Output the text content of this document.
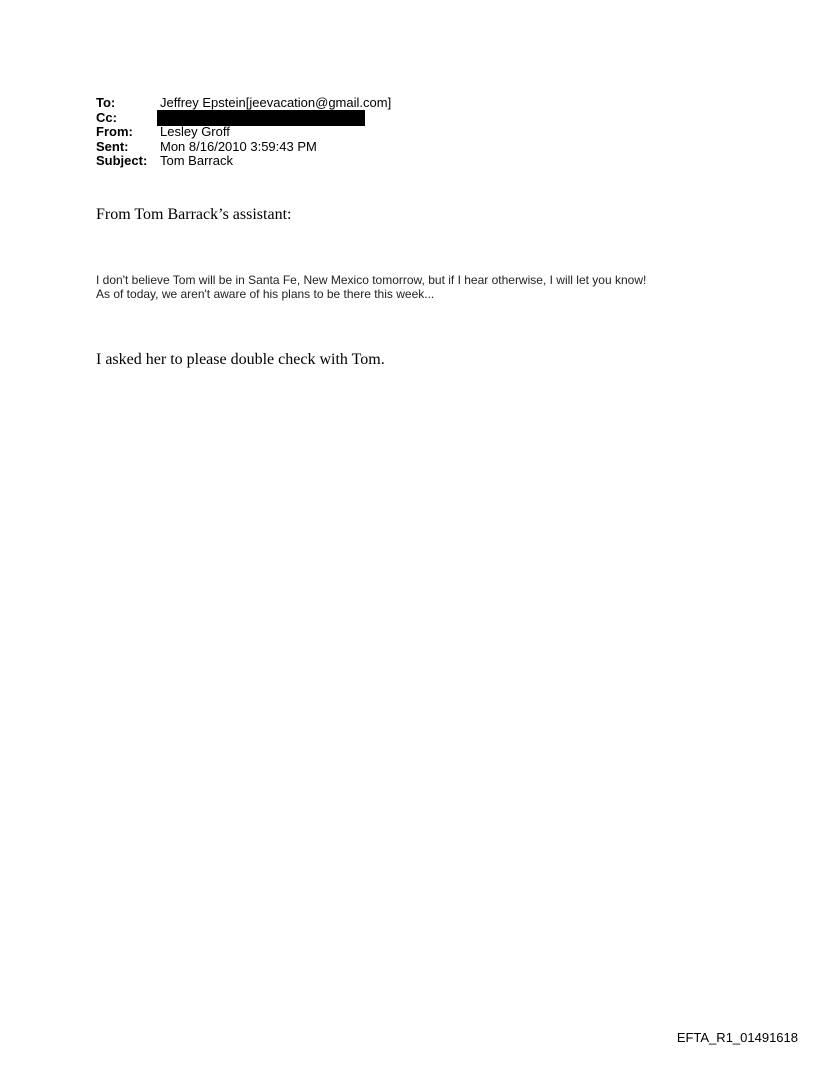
To:	Jeffrey Epstein[jeevacation@gmail.com]
Cc:
From:	Lesley Groff
Sent:	Mon 8/16/2010 3:59:43 PM
Subject: Tom Barrack
From Tom Barrack’s assistant:

I don't believe Tom will be in Santa Fe, New Mexico tomorrow, but if I hear otherwise, I will let you know!

As of today, we aren't aware of his plans to be there this week...

I asked her to please double check with Tom.
EFTA_R1_01491618
